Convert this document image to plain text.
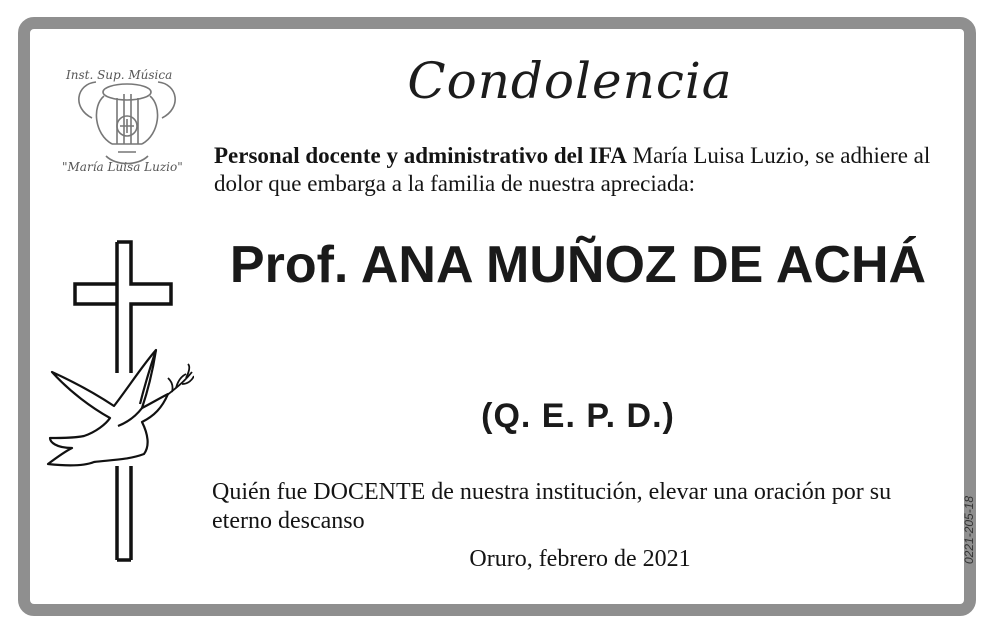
Inst. Sup. Música
"María Luisa Luzio"
Condolencia
Personal docente y administrativo del IFA María Luisa Luzio, se adhiere al dolor que embarga a la familia de nuestra apreciada:
Prof. ANA MUÑOZ DE ACHÁ
(Q. E. P. D.)
Quién fue DOCENTE de nuestra institución, elevar una oración por su eterno descanso
Oruro, febrero de 2021	0221-205-18
